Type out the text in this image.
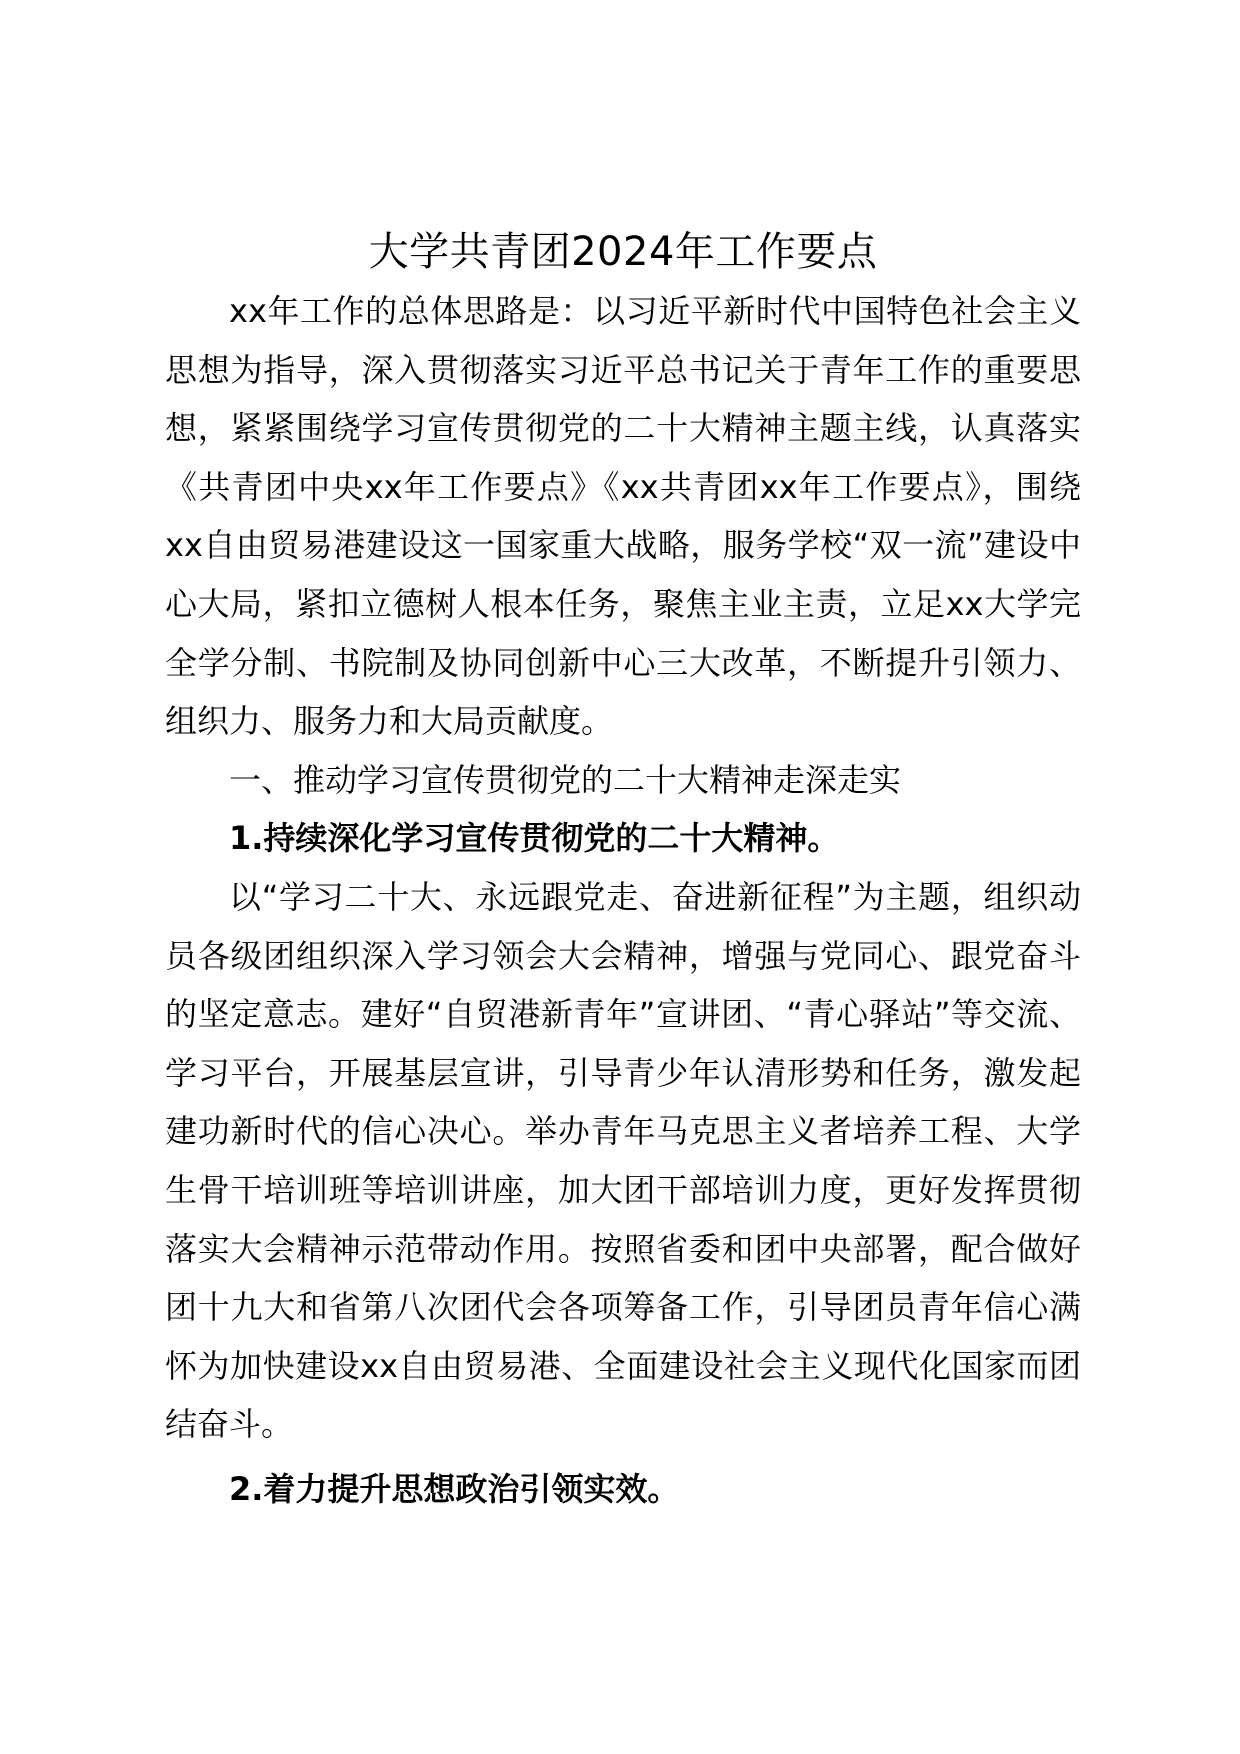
大学共青团2024年工作要点

xx年工作的总体思路是：以习近平新时代中国特色社会主义思想为指导，深入贯彻落实习近平总书记关于青年工作的重要思想，紧紧围绕学习宣传贯彻党的二十大精神主题主线，认真落实《共青团中央xx年工作要点》《xx共青团xx年工作要点》，围绕xx自由贸易港建设这一国家重大战略，服务学校“双一流”建设中心大局，紧扣立德树人根本任务，聚焦主业主责，立足xx大学完全学分制、书院制及协同创新中心三大改革，不断提升引领力、组织力、服务力和大局贡献度。

一、推动学习宣传贯彻党的二十大精神走深走实

1.持续深化学习宣传贯彻党的二十大精神。

以“学习二十大、永远跟党走、奋进新征程”为主题，组织动员各级团组织深入学习领会大会精神，增强与党同心、跟党奋斗的坚定意志。建好“自贸港新青年”宣讲团、“青心驿站”等交流、学习平台，开展基层宣讲，引导青少年认清形势和任务，激发起建功新时代的信心决心。举办青年马克思主义者培养工程、大学生骨干培训班等培训讲座，加大团干部培训力度，更好发挥贯彻落实大会精神示范带动作用。按照省委和团中央部署，配合做好团十九大和省第八次团代会各项筹备工作，引导团员青年信心满怀为加快建设xx自由贸易港、全面建设社会主义现代化国家而团结奋斗。

2.着力提升思想政治引领实效。
